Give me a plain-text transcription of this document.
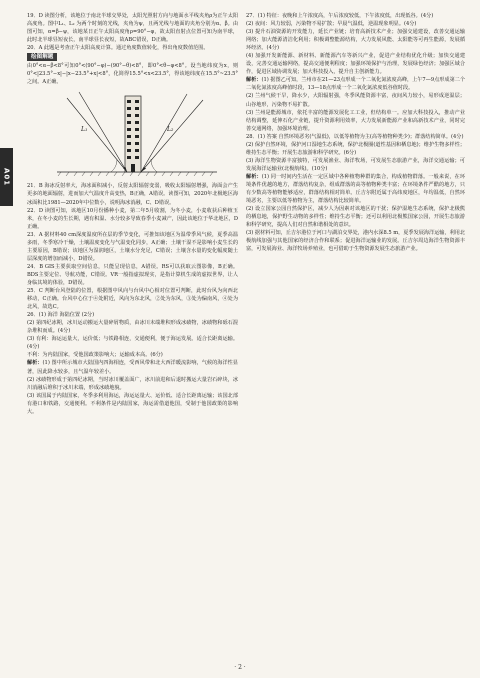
A01

19．D 读图分析，该地位于南北半球交界处，太阳光照射方向与地面水平线夹角ρ为正午太阳高度角。图中L₁、L₂ 为两个时刻的光线，夹角为ψ，且两光线与地面的夹角分别为α、β。由图可知，α=β−ψ，该地某日正午太阳高度角ρ=90°−φ，故太阳直射点位置可知为南半球，此时北半球昼短夜长，南半球昼长夜短，故ABC错误，D正确。

20．A 此题是考查正午太阳高度计算。通过角度数值转化，得出角度数值范围。

绘图解题

由0°<α−β<8°可知0°<(90°−φ)−(90°−θ)<8°，即0°<θ−φ<8°。设当地纬度为x，则0°<|23.5°−x|−|x−23.5°+x|<8°，化简得15.5°<x<23.5°，得该地纬度在15.5°~23.5°之间。A正确。

L₁	L₂

21．B 海冰反射率大，海冰面积减小，反射太阳辐射变弱，吸收太阳辐射增强，海面会产生更多的地面辐射，进而加大气温度升高变热，B正确，A错误。读图可知，2020年北极地区海冰面积比1981—2020年中位数小，说明海冰消融，C、D错误。

22．D 读图可知，该地区10月份播种小麦，第二年5月收割，为冬小麦，小麦收获后种植玉米，在冬小麦的生长期，遇有积温、水分较多导致春季小麦减产，因此该地位于华北地区，D正确。

23．A 据材料40 cm深度温度所在层的季节变化，可推知该地区为温带季风气候，夏季高温多雨，冬季寒冷干燥，土壤温度变化与气温变化同步，A正确；土壤干湿不是影响小麦生长的主要原因，B错误；该地区为湿润地区，土壤水分充足，C错误；土壤含水量的变化幅度随土层深度的增加而减小，D错误。

24．B GIS主要获取空间信息，只能呈现信息，A错误。RS可以获取云图影像，B正确。BDS主要定位、导航功能，C错误。VR一般指虚拟现实，是指计算机生成的虚拟世界，让人身临其境的体验，D错误。

25．C 判断台风登陆的位置，根据图中风向与台风中心相对位置可判断，此时台风为向西北移动，C正确。台风中心位于④处附近，风向为东北风，②处为东风，③处为偏南风，④处为北风，故选C。

26．(1) 海洋 海陆位置 (2分)

(2) 第四纪冰期，冰川运动搬运大量碎屑物质，由冰川末端堆积形成冰碛物，冰碛物和砾石混杂堆积而成。(4分)

(3) 有利：海运运量大，运价低；与铁路相连，交通便利，便于海运发展。适合长距离运输。(4分)

不利：为内陆国家，受他国政策影响大；运输成本高。(6分)

解析：(1) 图中所示城市大陆国内四海相连，受西风带和北大西洋暖流影响，气候的海洋性显著，因此降水较多，且气温年较差小。

(2) 冰碛物形成于第四纪冰期，当时冰川覆盖面广，冰川前进和后退时搬运大量岩石碎块，冰川消融后堆积于冰川末端，形成冰碛地貌。

(3) 该国属于内陆国家，冬季多利用海运，海运运量大、运价低、适合长距离运输；该国北部有港口和铁路，交通便利。不利条件是内陆国家，海运需借道他国，受制于他国政策的影响大。

27．(1) 特征：夜晚和上午浓度高，午后浓度较低，下午浓度低，出现低谷。(4分)

(2) 夜间：风力较弱，污染物不易扩散；早晨气温低，逆温现象明显。(4分)

(3) 提升石油资源的开发能力，延长产业链；培育高新技术产业；加强交通建设，改善交通运输网络；加大能源清洁化利用；积极调整能源结构，大力发展风能、太阳能等可再生能源，发展循环经济。(4分)

(4) 加强开发新能源、新材料、新能源汽车等新兴产业，促进产业结构优化升级；加快交通建设，完善交通运输网络，提高交通便利程度；加强环境保护与治理，发展绿色经济；加强区域合作，促进区域协调发展；加大科技投入，提升自主创新能力。

解析：(1) 据图乙可知，兰州市在21—23点形成一个二氧化氮浓度高峰，上午7—9点形成第二个二氧化氮浓度高峰值时段，13—18点形成一个二氧化氮浓度低谷值时段。

(2) 兰州气候干旱，降水少，大阳辐射强，冬季风能资源丰富，夜间风力较小，易形成逆温层；山谷地形，污染物不易扩散。

(3) 兰州是能源城市，依托丰富的能源发展化工工业，但结构单一。应加大科技投入，推动产业结构调整，延伸石化产业链，提升资源利用效率，大力发展新能源产业和高新技术产业，同时完善交通网络，加强环境治理。

28．(1) 答案 自然环境恶劣(气温低)，以低等植物为主(高等植物种类少)；群落结构简单。(4分)

(2) 保护自然环境，保护河口湿地生态系统，保护北极圈(道性基因和栖息地)；维护生物多样性；维持生态平衡；开展生态旅游和科学研究。(6分)

(3) 海洋生物资源丰富独特，可发展渔业、海洋牧场，可发展生态旅游产业，海洋交通运输；可发展海洋运输业(北极航线)。(10分)

解析：(1) 同一时间内生活在一定区域中各种植物种群的集合，构成植物群落。一般来说，在环境条件优越的地方，群落结构复杂，组成群落的高等植物种类丰富；在环境条件严酷的地方，只有少数高等植物能够适应，群落结构相对简单。丘吉尔附近属于高纬度地区，年均温低，自然环境恶劣，主要以低等植物为主，群落结构比较简单。

(2) 设立国家公园自然保护区，减少人为因素对该地区的干扰；保护湿地生态系统，保护北极熊的栖息地，保护野生动物的多样性；维持生态平衡；还可以利用北极熊国家公园，开展生态旅游和科学研究，提高人们对自然和谐相处的意识。

(3) 据材料可知，丘吉尔港位于河口与湖泊交界处，港内水深8.5 m，夏季发展海洋运输，利用北极航线加强与其他国家的经济合作和联系；促进海洋运输业的发展。丘吉尔周边海洋生物资源丰富，可发展海业、海洋牧场养殖业，也可借助于生物资源发展生态旅游产业。

· 2 ·
